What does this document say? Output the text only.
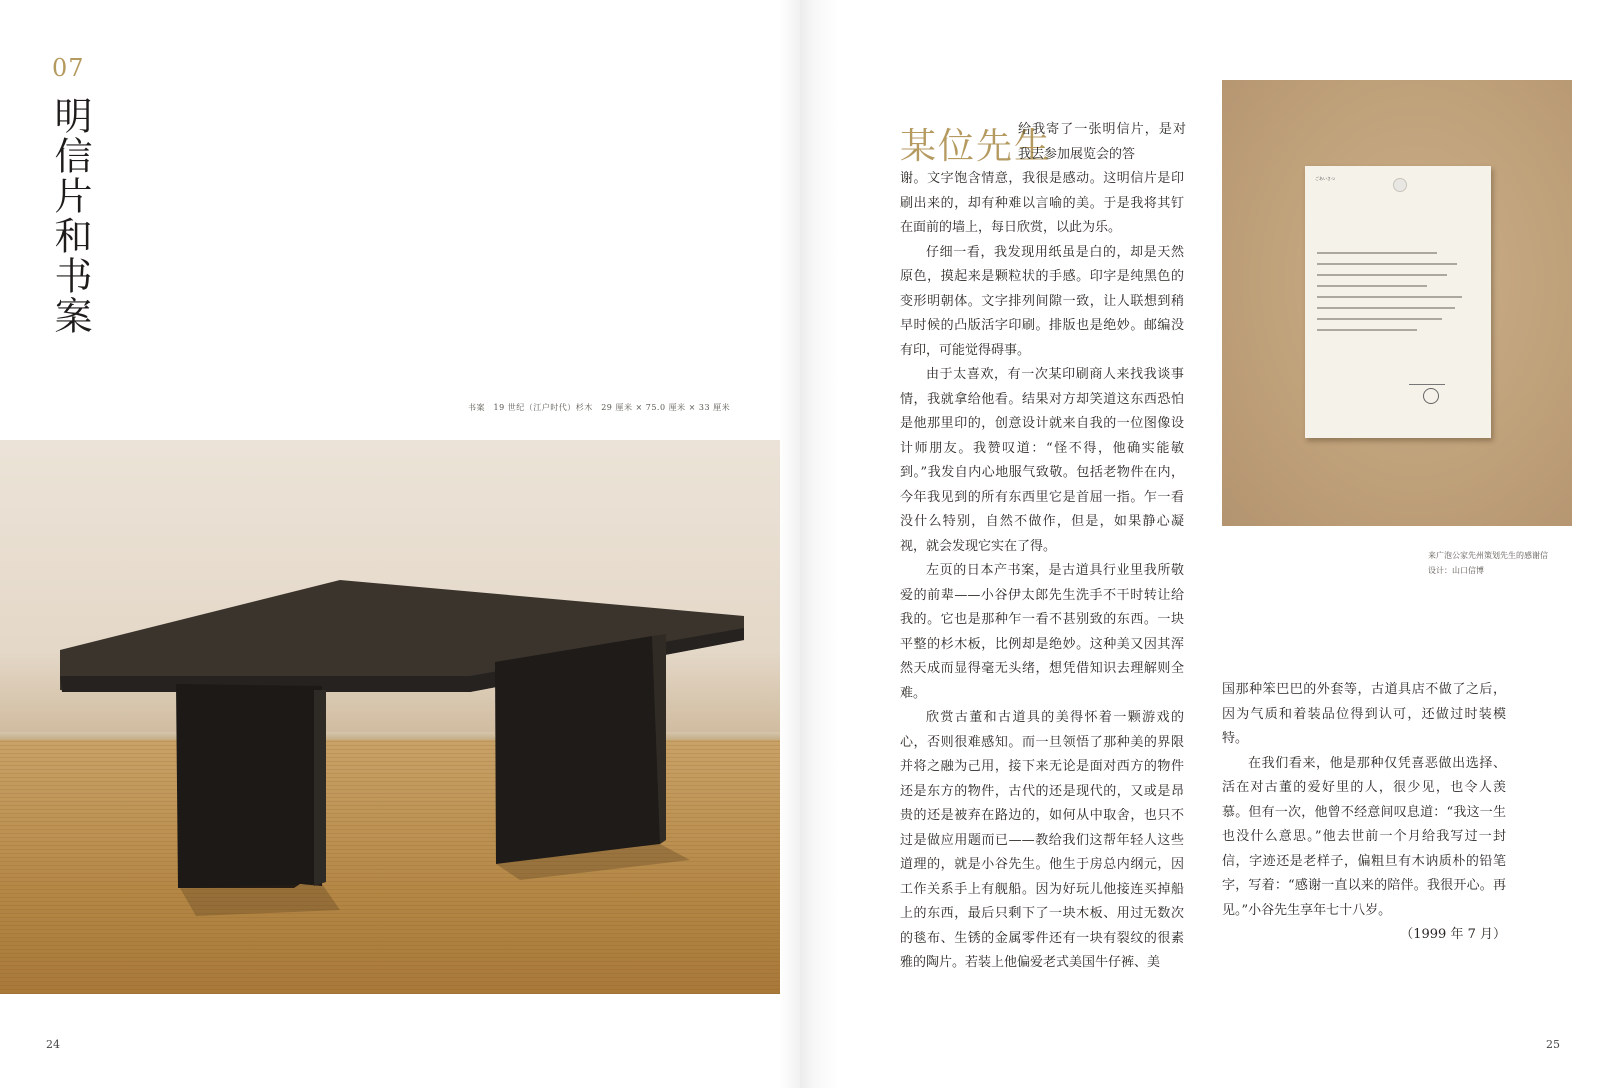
07
明信片和书案
书案　19 世纪（江户时代）杉木　29 厘米 × 75.0 厘米 × 33 厘米
24
某位先生
给我寄了一张明信片，是对我去参加展览会的答

谢。文字饱含情意，我很是感动。这明信片是印刷出来的，却有种难以言喻的美。于是我将其钉在面前的墙上，每日欣赏，以此为乐。

仔细一看，我发现用纸虽是白的，却是天然原色，摸起来是颗粒状的手感。印字是纯黑色的变形明朝体。文字排列间隙一致，让人联想到稍早时候的凸版活字印刷。排版也是绝妙。邮编没有印，可能觉得碍事。

由于太喜欢，有一次某印刷商人来找我谈事情，我就拿给他看。结果对方却笑道这东西恐怕是他那里印的，创意设计就来自我的一位图像设计师朋友。我赞叹道：“怪不得，他确实能敏到。”我发自内心地服气致敬。包括老物件在内，今年我见到的所有东西里它是首屈一指。乍一看没什么特别，自然不做作，但是，如果静心凝视，就会发现它实在了得。

左页的日本产书案，是古道具行业里我所敬爱的前辈——小谷伊太郎先生洗手不干时转让给我的。它也是那种乍一看不甚别致的东西。一块平整的杉木板，比例却是绝妙。这种美又因其浑然天成而显得毫无头绪，想凭借知识去理解则全难。

欣赏古董和古道具的美得怀着一颗游戏的心，否则很难感知。而一旦领悟了那种美的界限并将之融为己用，接下来无论是面对西方的物件还是东方的物件，古代的还是现代的，又或是昂贵的还是被弃在路边的，如何从中取舍，也只不过是做应用题而已——教给我们这帮年轻人这些道理的，就是小谷先生。他生于房总内纲元，因工作关系手上有舰船。因为好玩儿他接连买掉船上的东西，最后只剩下了一块木板、用过无数次的毯布、生锈的金属零件还有一块有裂纹的很素雅的陶片。若装上他偏爱老式美国牛仔裤、美

ごあいさつ
来广泡公家先州策划先生的感谢信
设计：山口信博

国那种笨巴巴的外套等，古道具店不做了之后，因为气质和着装品位得到认可，还做过时装模特。

在我们看来，他是那种仅凭喜恶做出选择、活在对古董的爱好里的人，很少见，也令人羡慕。但有一次，他曾不经意间叹息道：“我这一生也没什么意思。”他去世前一个月给我写过一封信，字迹还是老样子，偏粗旦有木讷质朴的铅笔字，写着：“感谢一直以来的陪伴。我很开心。再见。”小谷先生享年七十八岁。

（1999 年 7 月）
25
